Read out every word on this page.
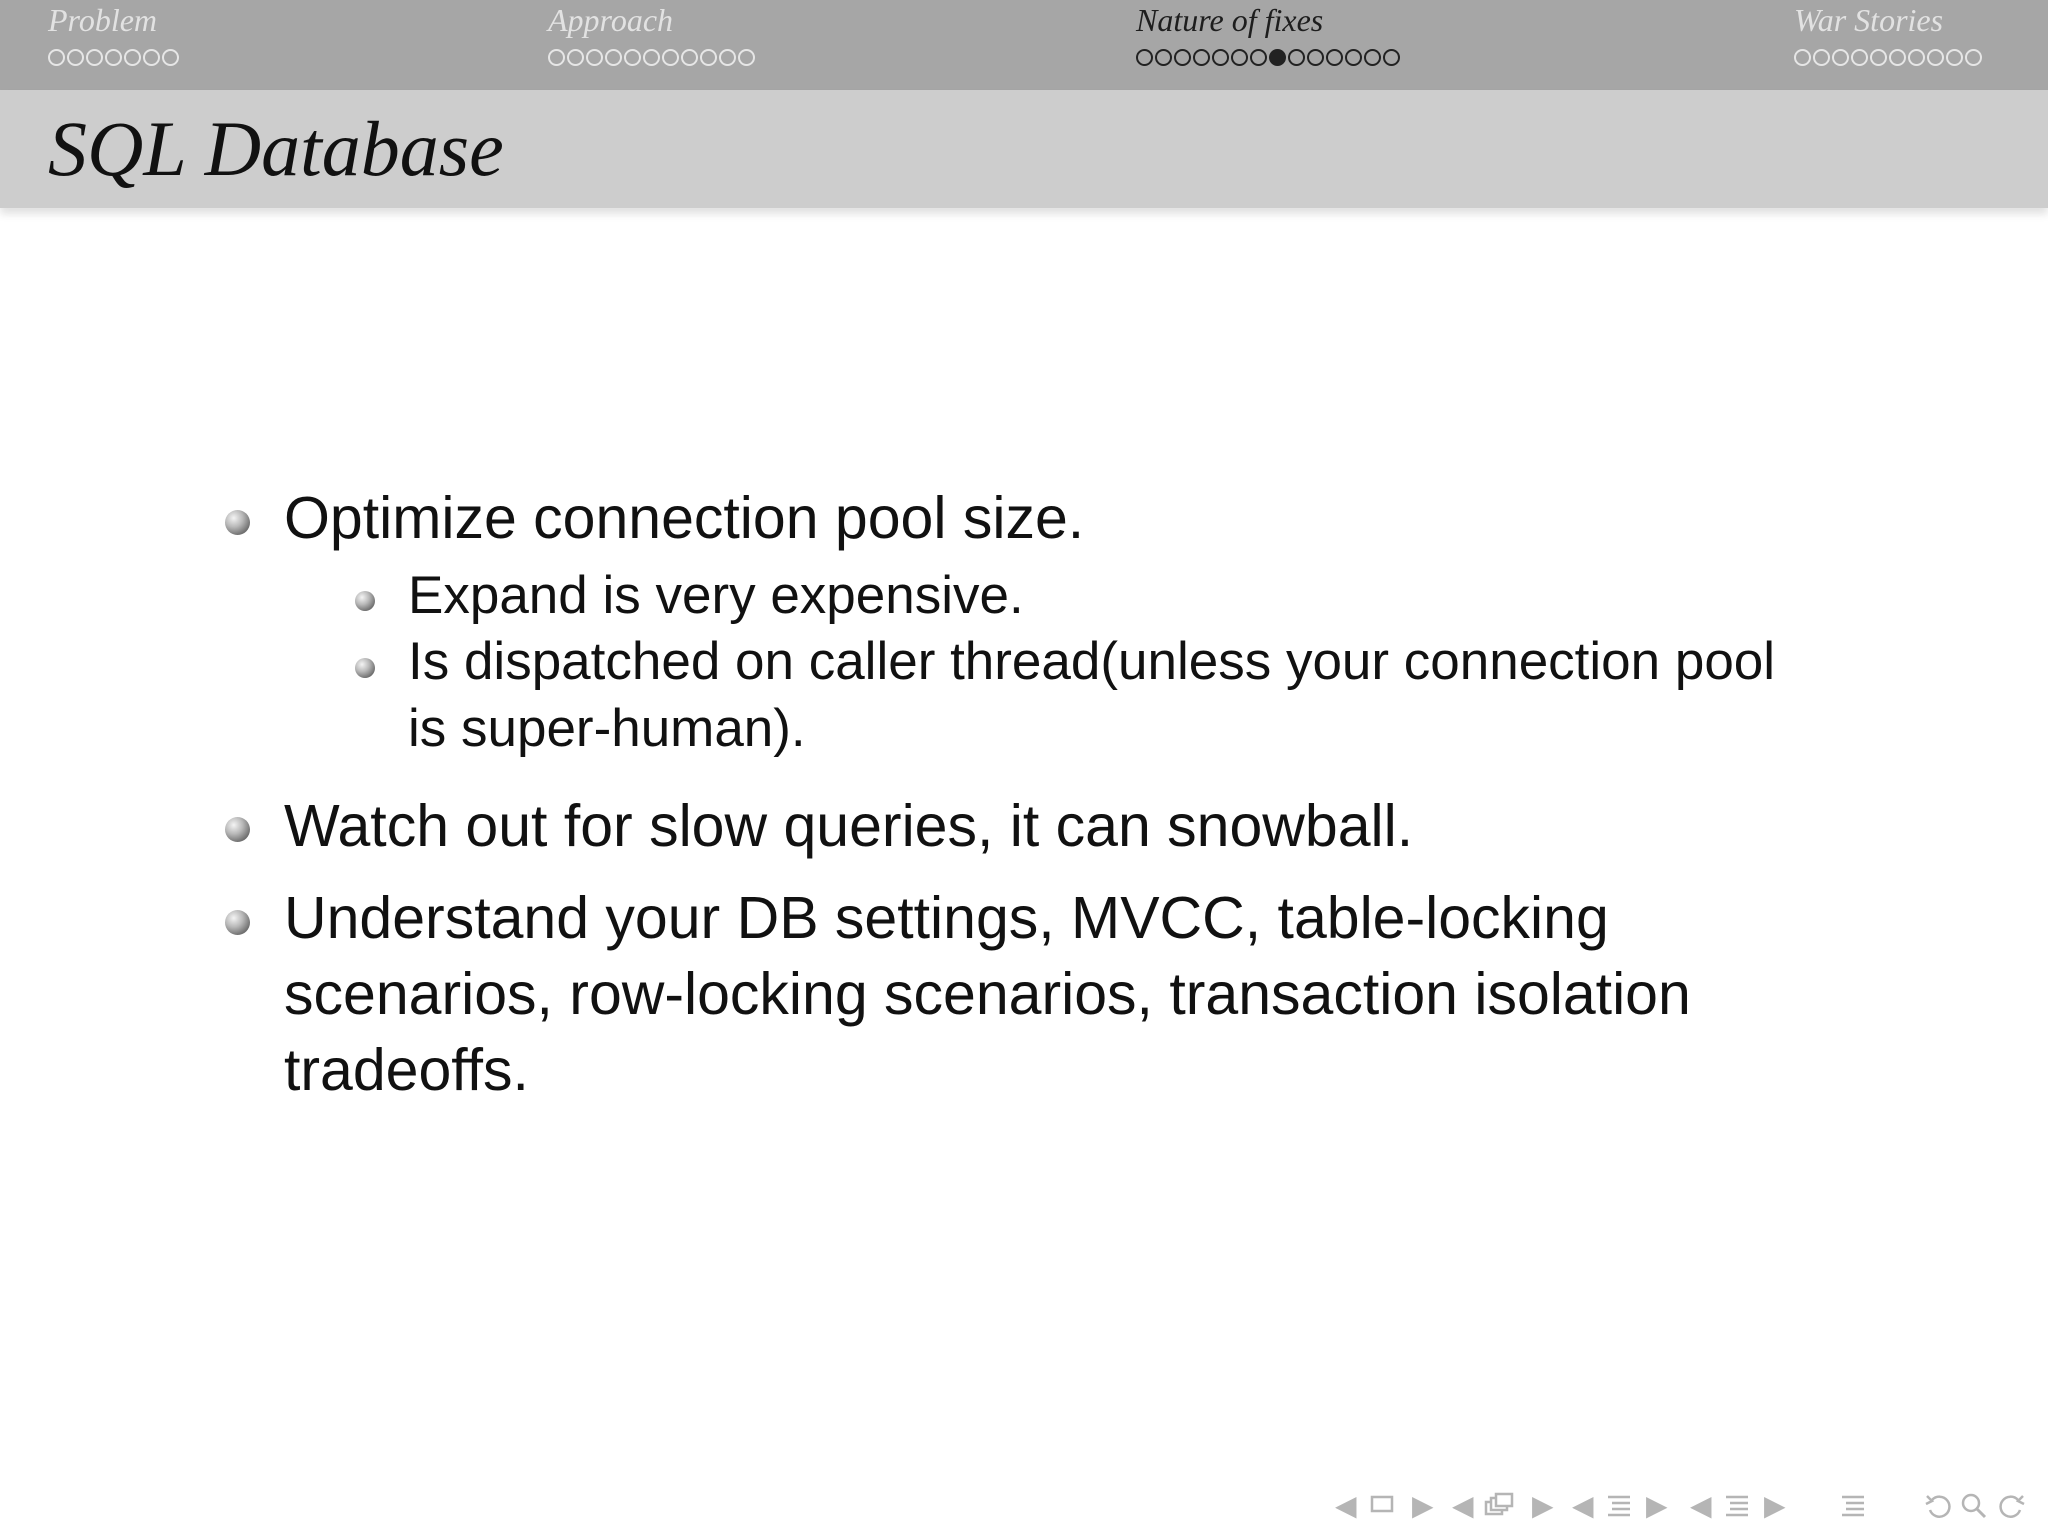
Problem	Approach	Nature of fixes	War Stories
SQL Database
Optimize connection pool size.
Expand is very expensive.
Is dispatched on caller thread(unless your connection pool
is super-human).
Watch out for slow queries, it can snowball.
Understand your DB settings, MVCC, table-locking
scenarios, row-locking scenarios, transaction isolation
tradeoffs.
◀ ▶ ◀ ▶ ◀ ▶ ◀ ▶
